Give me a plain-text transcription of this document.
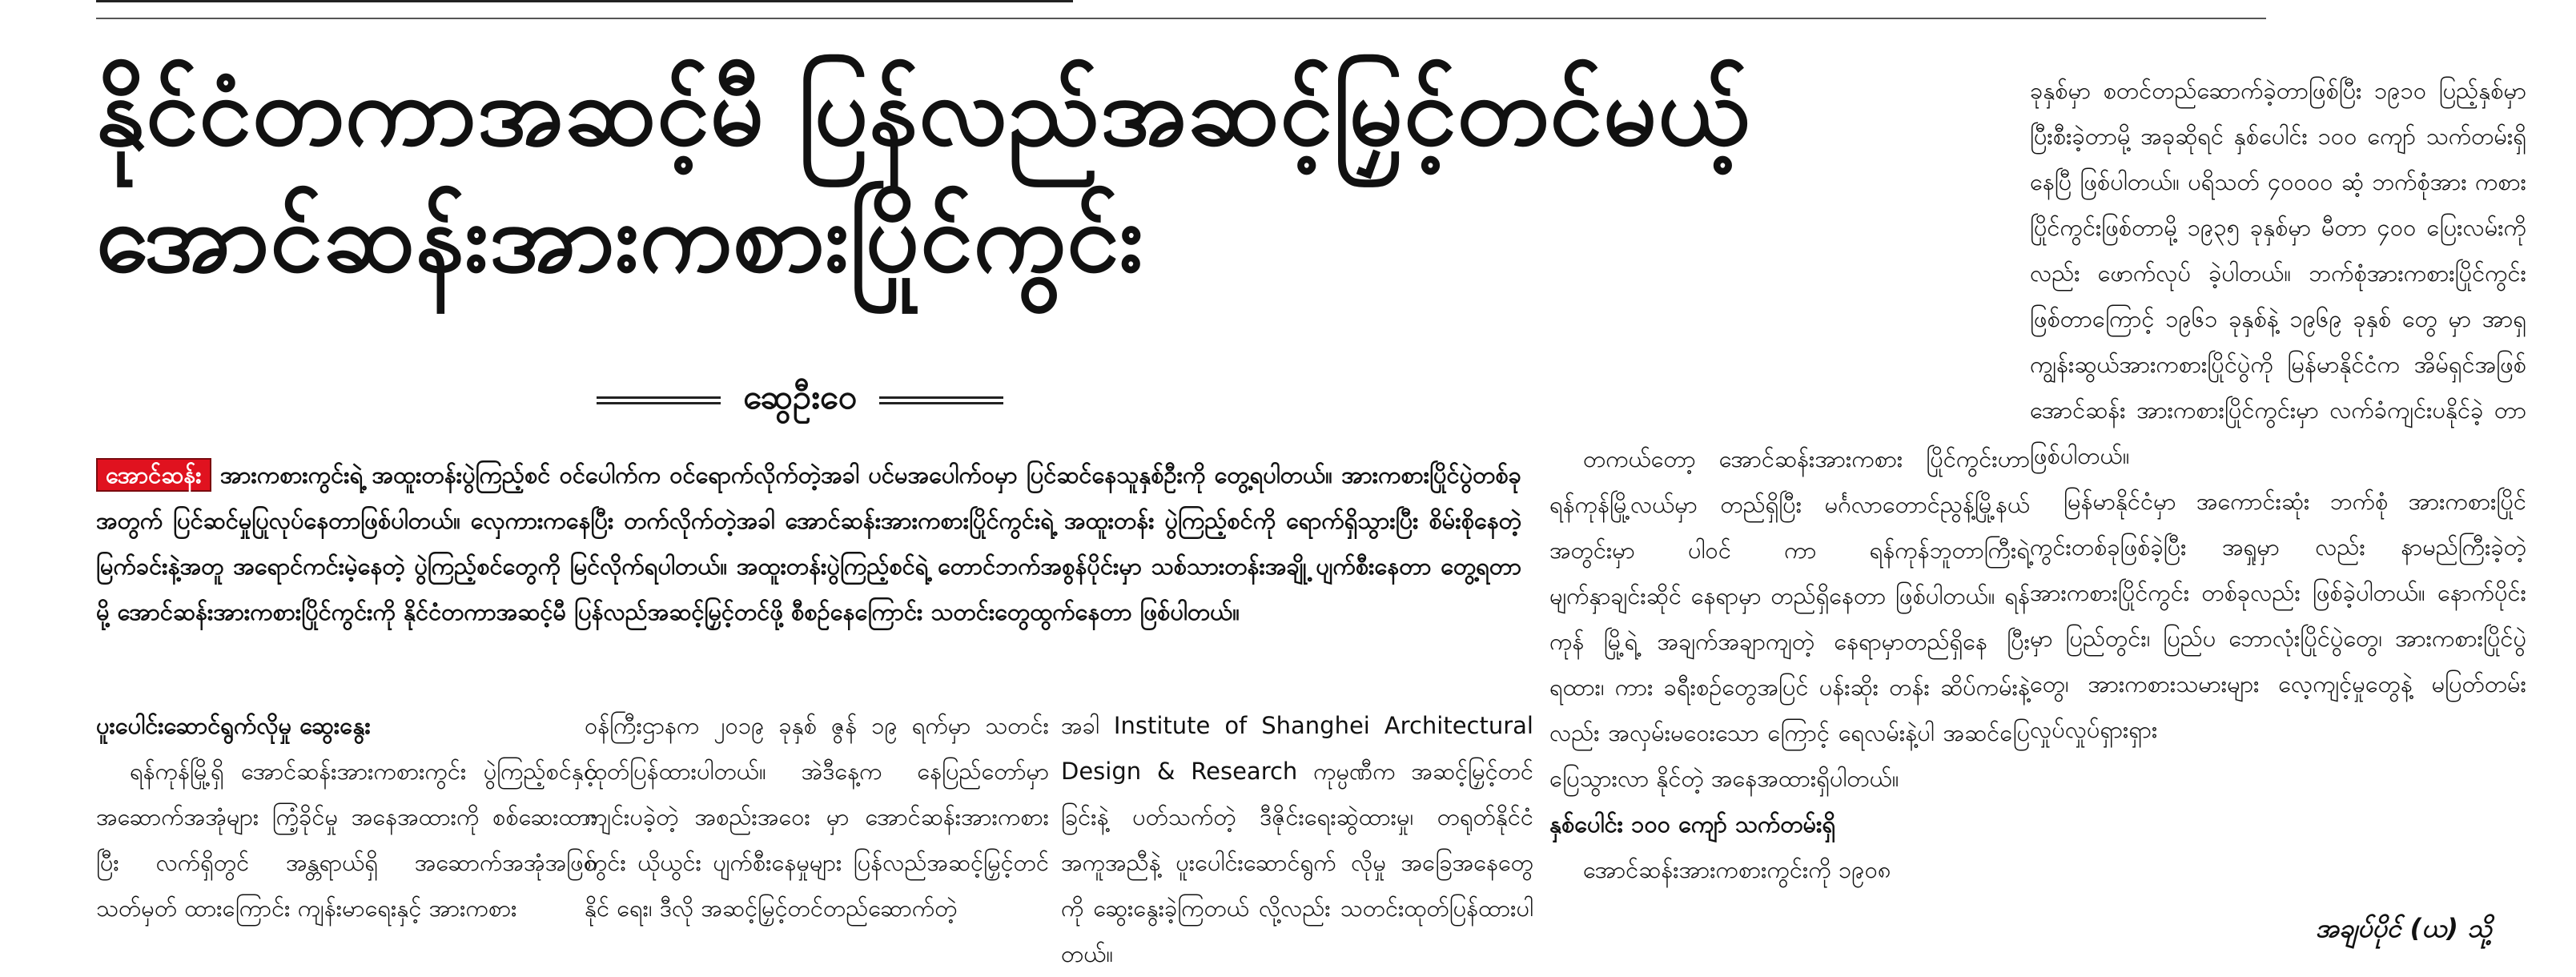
နိုင်ငံတကာအဆင့်မီ ပြန်လည်အဆင့်မြှင့်တင်မယ့်
အောင်ဆန်းအားကစားပြိုင်ကွင်း
ဆွေဦးဝေ

အောင်ဆန်း အားကစားကွင်းရဲ့ အထူးတန်းပွဲကြည့်စင် ဝင်ပေါက်က ဝင်ရောက်လိုက်တဲ့အခါ ပင်မအပေါက်ဝမှာ ပြင်ဆင်နေသူနှစ်ဦးကို တွေ့ရပါတယ်။ အားကစားပြိုင်ပွဲတစ်ခုအတွက် ပြင်ဆင်မှုပြုလုပ်နေတာဖြစ်ပါတယ်။ လှေကားကနေပြီး တက်လိုက်တဲ့အခါ အောင်ဆန်းအားကစားပြိုင်ကွင်းရဲ့ အထူးတန်း ပွဲကြည့်စင်ကို ရောက်ရှိသွားပြီး စိမ်းစိုနေတဲ့ မြက်ခင်းနဲ့အတူ အရောင်ကင်းမဲ့နေတဲ့ ပွဲကြည့်စင်တွေကို မြင်လိုက်ရပါတယ်။ အထူးတန်းပွဲကြည့်စင်ရဲ့ တောင်ဘက်အစွန်ပိုင်းမှာ သစ်သားတန်းအချို့ ပျက်စီးနေတာ တွေ့ရတာမို့ အောင်ဆန်းအားကစားပြိုင်ကွင်းကို နိုင်ငံတကာအဆင့်မီ ပြန်လည်အဆင့်မြှင့်တင်ဖို့ စီစဉ်နေကြောင်း သတင်းတွေထွက်နေတာ ဖြစ်ပါတယ်။

ပူးပေါင်းဆောင်ရွက်လိုမှု ဆွေးနွေး

ရန်ကုန်မြို့ရှိ အောင်ဆန်းအားကစားကွင်း ပွဲကြည့်စင်နှင့် အဆောက်အအုံများ ကြံ့ခိုင်မှု အနေအထားကို စစ်ဆေးထားပြီး လက်ရှိတွင် အန္တရာယ်ရှိ အဆောက်အအုံအဖြစ် သတ်မှတ် ထားကြောင်း ကျန်းမာရေးနှင့် အားကစား

ဝန်ကြီးဌာနက ၂၀၁၉ ခုနှစ် ဇွန် ၁၉ ရက်မှာ သတင်းထုတ်ပြန်ထားပါတယ်။ အဲဒီနေ့က နေပြည်တော်မှာ ကျင်းပခဲ့တဲ့ အစည်းအဝေး မှာ အောင်ဆန်းအားကစားကွင်း ယိုယွင်း ပျက်စီးနေမှုများ ပြန်လည်အဆင့်မြှင့်တင်နိုင် ရေး၊ ဒီလို အဆင့်မြှင့်တင်တည်ဆောက်တဲ့

အခါ Institute of Shanghei Architectural Design & Research ကုမ္ပဏီက အဆင့်မြှင့်တင် ခြင်းနဲ့ ပတ်သက်တဲ့ ဒီဇိုင်းရေးဆွဲထားမှု၊ တရုတ်နိုင်ငံအကူအညီနဲ့ ပူးပေါင်းဆောင်ရွက် လိုမှု အခြေအနေတွေကို ဆွေးနွေးခဲ့ကြတယ် လို့လည်း သတင်းထုတ်ပြန်ထားပါတယ်။

တကယ်တော့ အောင်ဆန်းအားကစား ပြိုင်ကွင်းဟာ ရန်ကုန်မြို့လယ်မှာ တည်ရှိပြီး မင်္ဂလာတောင်ညွန့်မြို့နယ်အတွင်းမှာ ပါဝင် ကာ ရန်ကုန်ဘူတာကြီးရဲ့ မျက်နှာချင်းဆိုင် နေရာမှာ တည်ရှိနေတာ ဖြစ်ပါတယ်။ ရန်ကုန် မြို့ရဲ့ အချက်အချာကျတဲ့ နေရာမှာတည်ရှိနေ ပြီး ရထား၊ ကား ခရီးစဉ်တွေအပြင် ပန်းဆိုး တန်း ဆိပ်ကမ်းနဲ့လည်း အလှမ်းမဝေးသော ကြောင့် ရေလမ်းနဲ့ပါ အဆင်ပြေပြေသွားလာ နိုင်တဲ့ အနေအထားရှိပါတယ်။

နှစ်ပေါင်း ၁၀၀ ကျော် သက်တမ်းရှိ

အောင်ဆန်းအားကစားကွင်းကို ၁၉၀၈

ခုနှစ်မှာ စတင်တည်ဆောက်ခဲ့တာဖြစ်ပြီး ၁၉၁၀ ပြည့်နှစ်မှာ ပြီးစီးခဲ့တာမို့ အခုဆိုရင် နှစ်ပေါင်း ၁၀၀ ကျော် သက်တမ်းရှိနေပြီ ဖြစ်ပါတယ်။ ပရိသတ် ၄၀၀၀၀ ဆံ့ ဘက်စုံအား ကစားပြိုင်ကွင်းဖြစ်တာမို့ ၁၉၃၅ ခုနှစ်မှာ မီတာ ၄၀၀ ပြေးလမ်းကိုလည်း ဖောက်လုပ် ခဲ့ပါတယ်။ ဘက်စုံအားကစားပြိုင်ကွင်း ဖြစ်တာကြောင့် ၁၉၆၁ ခုနှစ်နဲ့ ၁၉၆၉ ခုနှစ် တွေ မှာ အာရှကျွန်းဆွယ်အားကစားပြိုင်ပွဲကို မြန်မာနိုင်ငံက အိမ်ရှင်အဖြစ် အောင်ဆန်း အားကစားပြိုင်ကွင်းမှာ လက်ခံကျင်းပနိုင်ခဲ့ တာ ဖြစ်ပါတယ်။

မြန်မာနိုင်ငံမှာ အကောင်းဆုံး ဘက်စုံ အားကစားပြိုင်ကွင်းတစ်ခုဖြစ်ခဲ့ပြီး အရှုမှာ လည်း နာမည်ကြီးခဲ့တဲ့ အားကစားပြိုင်ကွင်း တစ်ခုလည်း ဖြစ်ခဲ့ပါတယ်။ နောက်ပိုင်းမှာ ပြည်တွင်း၊ ပြည်ပ ဘောလုံးပြိုင်ပွဲတွေ၊ အားကစားပြိုင်ပွဲတွေ၊ အားကစားသမားများ လေ့ကျင့်မှုတွေနဲ့ မပြတ်တမ်း လှုပ်လှုပ်ရှားရှား

အချပ်ပိုင် (ယ) သို့
